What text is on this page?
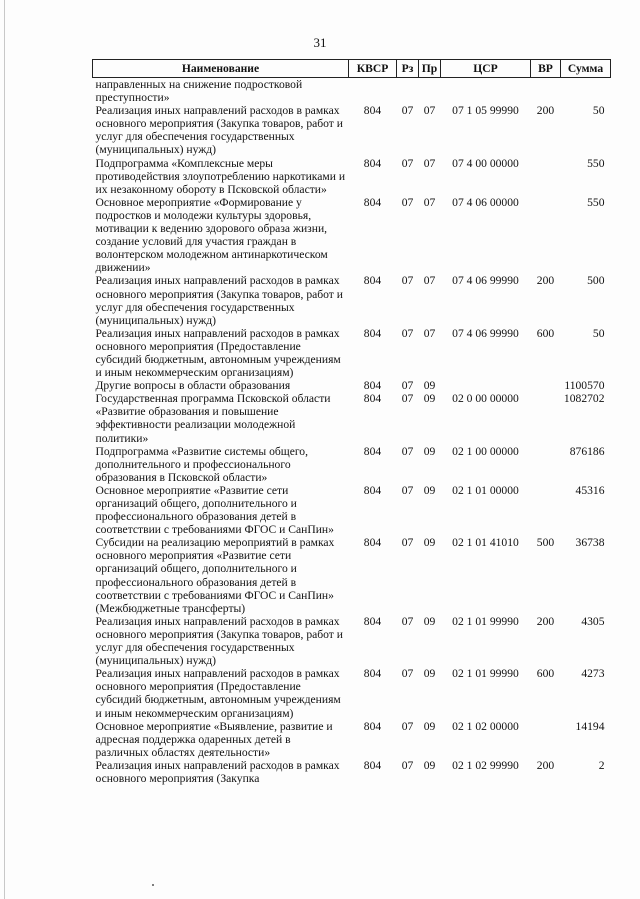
31
Наименование	КВСР	Рз	Пр	ЦСР	ВР	Сумма
направленных на снижение подростковой преступности»						
Реализация иных направлений расходов в рамках основного мероприятия (Закупка товаров, работ и услуг для обеспечения государственных (муниципальных) нужд)	804	07	07	07 1 05 99990	200	50
Подпрограмма «Комплексные меры противодействия злоупотреблению наркотиками и их незаконному обороту в Псковской области»	804	07	07	07 4 00 00000		550
Основное мероприятие «Формирование у подростков и молодежи культуры здоровья, мотивации к ведению здорового образа жизни, создание условий для участия граждан в волонтерском молодежном антинаркотическом движении»	804	07	07	07 4 06 00000		550
Реализация иных направлений расходов в рамках основного мероприятия (Закупка товаров, работ и услуг для обеспечения государственных (муниципальных) нужд)	804	07	07	07 4 06 99990	200	500
Реализация иных направлений расходов в рамках основного мероприятия (Предоставление субсидий бюджетным, автономным учреждениям и иным некоммерческим организациям)	804	07	07	07 4 06 99990	600	50
Другие вопросы в области образования	804	07	09			1100570
Государственная программа Псковской области «Развитие образования и повышение эффективности реализации молодежной политики»	804	07	09	02 0 00 00000		1082702
Подпрограмма «Развитие системы общего, дополнительного и профессионального образования в Псковской области»	804	07	09	02 1 00 00000		876186
Основное мероприятие «Развитие сети организаций общего, дополнительного и профессионального образования детей в соответствии с требованиями ФГОС и СанПин»	804	07	09	02 1 01 00000		45316
Субсидии на реализацию мероприятий в рамках основного мероприятия «Развитие сети организаций общего, дополнительного и профессионального образования детей в соответствии с требованиями ФГОС и СанПин» (Межбюджетные трансферты)	804	07	09	02 1 01 41010	500	36738
Реализация иных направлений расходов в рамках основного мероприятия (Закупка товаров, работ и услуг для обеспечения государственных (муниципальных) нужд)	804	07	09	02 1 01 99990	200	4305
Реализация иных направлений расходов в рамках основного мероприятия (Предоставление субсидий бюджетным, автономным учреждениям и иным некоммерческим организациям)	804	07	09	02 1 01 99990	600	4273
Основное мероприятие «Выявление, развитие и адресная поддержка одаренных детей в различных областях деятельности»	804	07	09	02 1 02 00000		14194
Реализация иных направлений расходов в рамках основного мероприятия (Закупка	804	07	09	02 1 02 99990	200	2
